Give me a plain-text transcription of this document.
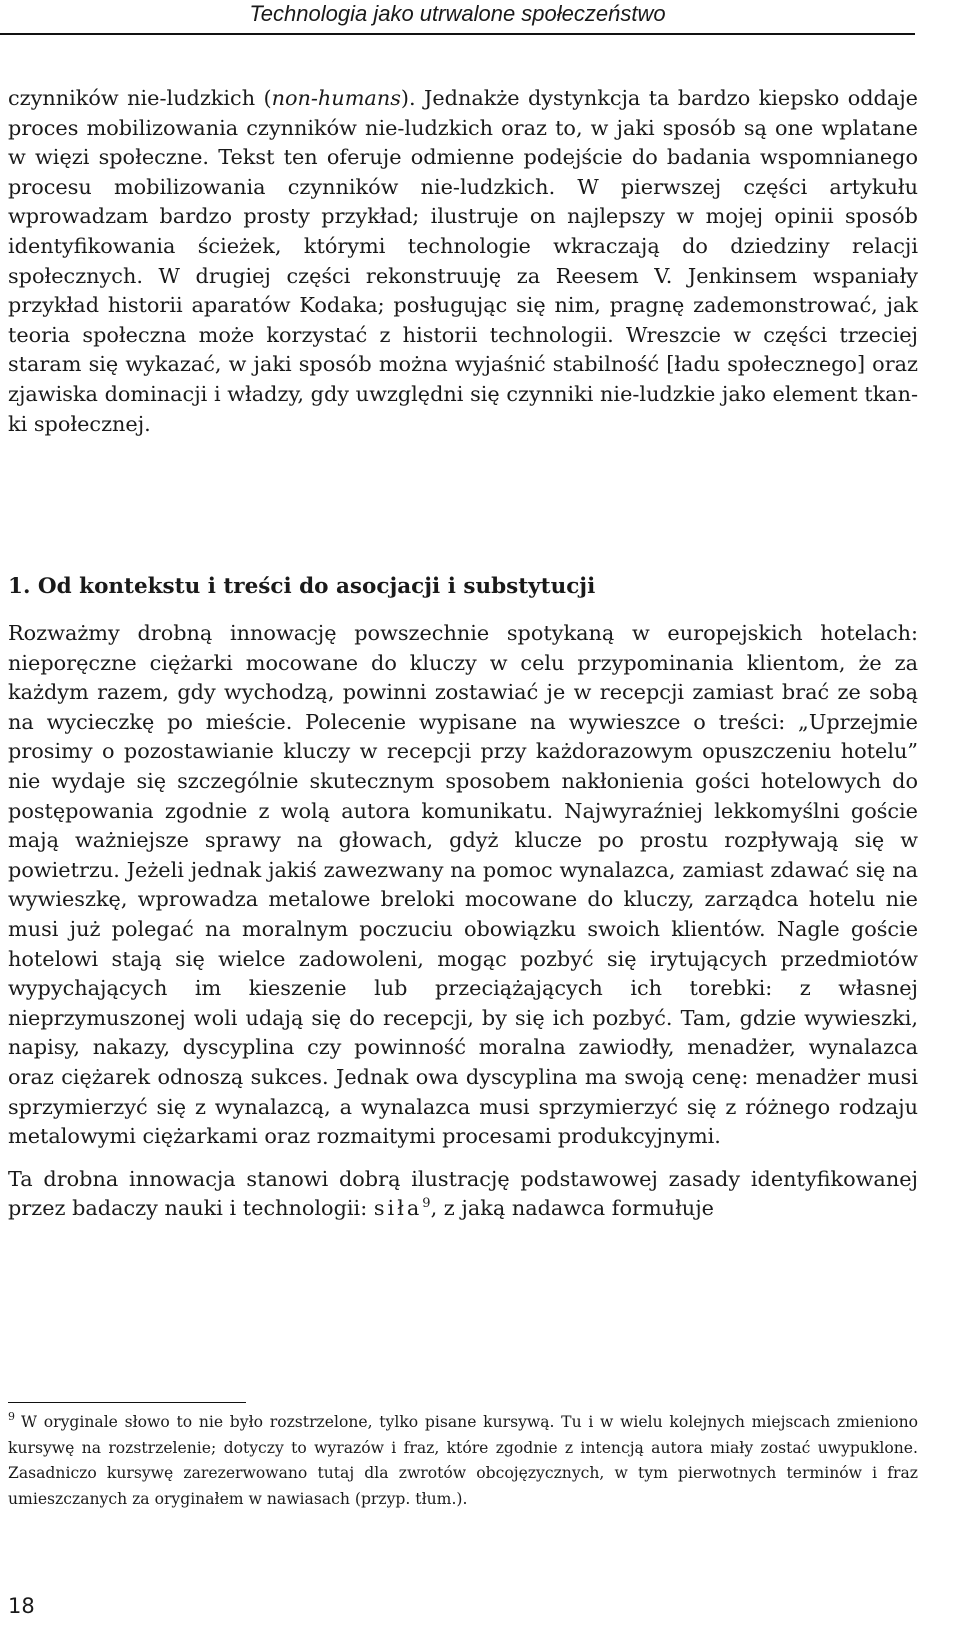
Technologia jako utrwalone społeczeństwo

czynników nie-ludzkich (non-humans). Jednakże dystynkcja ta bardzo kiepsko oddaje proces mobilizowania czynników nie-ludzkich oraz to, w jaki sposób są one wplatane w więzi społeczne. Tekst ten oferuje odmienne podejście do badania wspomnianego procesu mobilizowania czynników nie-ludzkich. W pierwszej części artykułu wprowadzam bardzo prosty przykład; ilustruje on najlepszy w mojej opinii sposób identyfikowania ścieżek, którymi technologie wkraczają do dziedziny relacji społecznych. W drugiej części rekonstruuję za Reesem V. Jenkinsem wspaniały przykład historii aparatów Kodaka; posługując się nim, pragnę zademonstrować, jak teoria społeczna może korzystać z historii technologii. Wreszcie w części trzeciej staram się wykazać, w jaki sposób można wyjaśnić stabilność [ładu społecznego] oraz zjawiska dominacji i władzy, gdy uwzględni się czynniki nie-ludzkie jako element tkanki społecznej.

1. Od kontekstu i treści do asocjacji i substytucji

Rozważmy drobną innowację powszechnie spotykaną w europejskich hotelach: nieporęczne ciężarki mocowane do kluczy w celu przypominania klientom, że za każdym razem, gdy wychodzą, powinni zostawiać je w recepcji zamiast brać ze sobą na wycieczkę po mieście. Polecenie wypisane na wywieszce o treści: „Uprzejmie prosimy o pozostawianie kluczy w recepcji przy każdorazowym opuszczeniu hotelu” nie wydaje się szczególnie skutecznym sposobem nakłonienia gości hotelowych do postępowania zgodnie z wolą autora komunikatu. Najwyraźniej lekkomyślni goście mają ważniejsze sprawy na głowach, gdyż klucze po prostu rozpływają się w powietrzu. Jeżeli jednak jakiś zawezwany na pomoc wynalazca, zamiast zdawać się na wywieszkę, wprowadza metalowe breloki mocowane do kluczy, zarządca hotelu nie musi już polegać na moralnym poczuciu obowiązku swoich klientów. Nagle goście hotelowi stają się wielce zadowoleni, mogąc pozbyć się irytujących przedmiotów wypychających im kieszenie lub przeciążających ich torebki: z własnej nieprzymuszonej woli udają się do recepcji, by się ich pozbyć. Tam, gdzie wywieszki, napisy, nakazy, dyscyplina czy powinność moralna zawiodły, menadżer, wynalazca oraz ciężarek odnoszą sukces. Jednak owa dyscyplina ma swoją cenę: menadżer musi sprzymierzyć się z wynalazcą, a wynalazca musi sprzymierzyć się z różnego rodzaju metalowymi ciężarkami oraz rozmaitymi procesami produkcyjnymi.

Ta drobna innowacja stanowi dobrą ilustrację podstawowej zasady identyfikowanej przez badaczy nauki i technologii: siła$^9$, z jaką nadawca formułuje

$^9$ W oryginale słowo to nie było rozstrzelone, tylko pisane kursywą. Tu i w wielu kolejnych miejscach zmieniono kursywę na rozstrzelenie; dotyczy to wyrazów i fraz, które zgodnie z intencją autora miały zostać uwypuklone. Zasadniczo kursywę zarezerwowano tutaj dla zwrotów obcojęzycznych, w tym pierwotnych terminów i fraz umieszczanych za oryginałem w nawiasach (przyp. tłum.).

18
